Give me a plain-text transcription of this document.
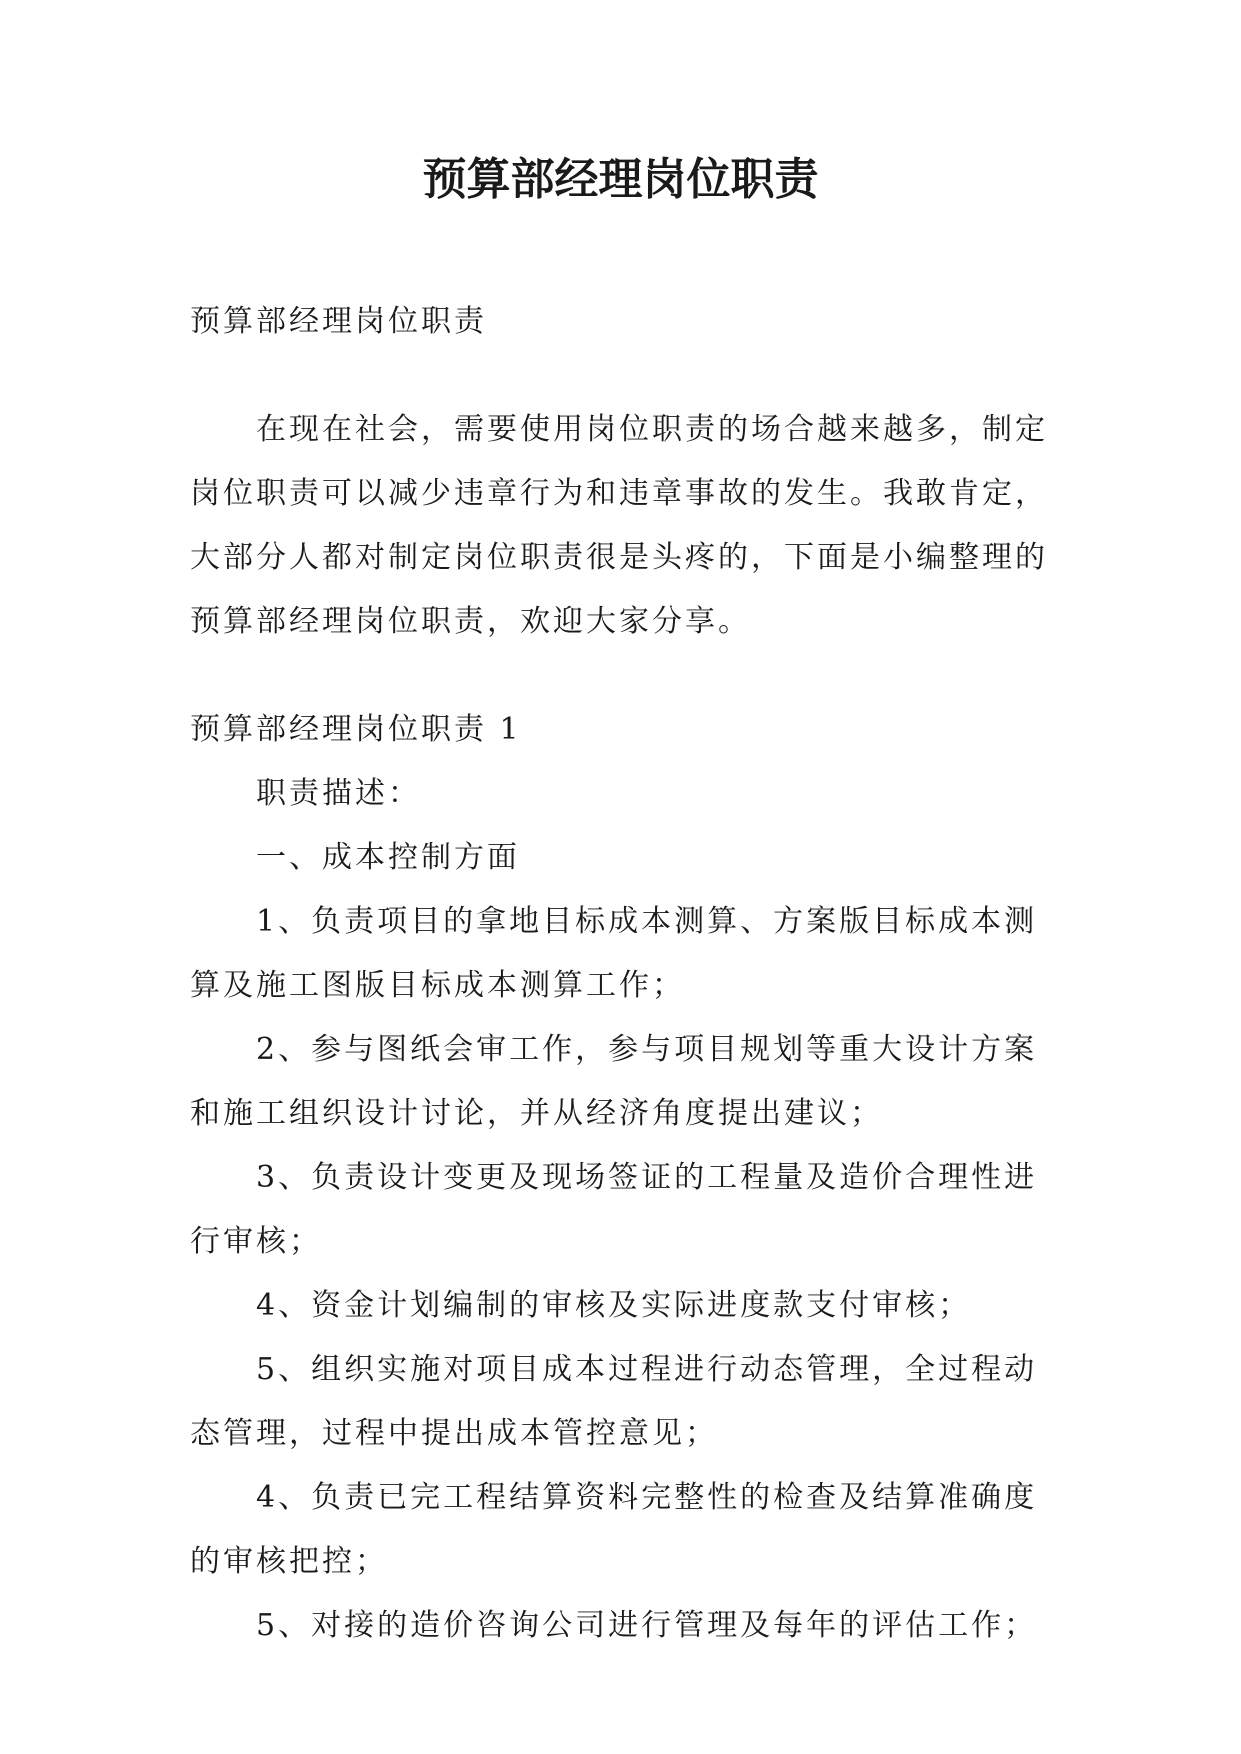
预算部经理岗位职责

预算部经理岗位职责

在现在社会，需要使用岗位职责的场合越来越多，制定岗位职责可以减少违章行为和违章事故的发生。我敢肯定，大部分人都对制定岗位职责很是头疼的，下面是小编整理的预算部经理岗位职责，欢迎大家分享。

预算部经理岗位职责 1

职责描述：

一、成本控制方面

1、负责项目的拿地目标成本测算、方案版目标成本测算及施工图版目标成本测算工作；

2、参与图纸会审工作，参与项目规划等重大设计方案和施工组织设计讨论，并从经济角度提出建议；

3、负责设计变更及现场签证的工程量及造价合理性进行审核；

4、资金计划编制的审核及实际进度款支付审核；

5、组织实施对项目成本过程进行动态管理，全过程动态管理，过程中提出成本管控意见；

4、负责已完工程结算资料完整性的检查及结算准确度的审核把控；

5、对接的造价咨询公司进行管理及每年的评估工作；
